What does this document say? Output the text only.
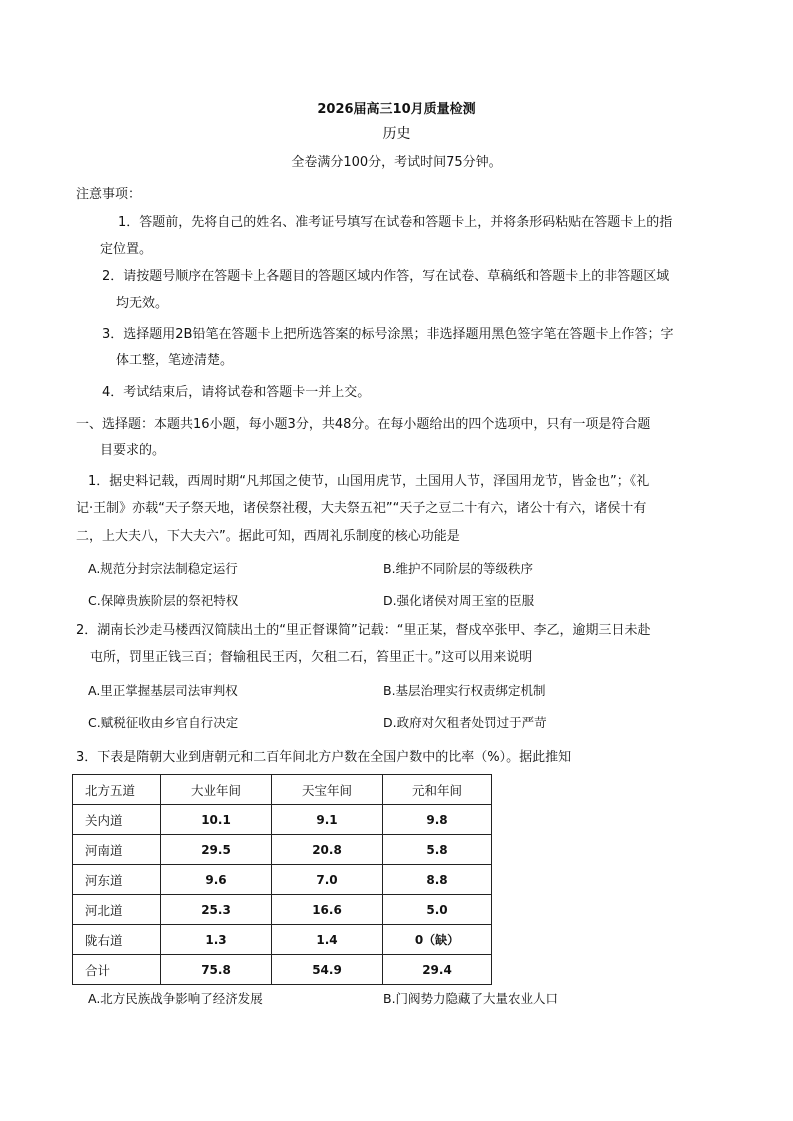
2026届高三10月质量检测
历史
全卷满分100分，考试时间75分钟。
注意事项：
1．答题前，先将自己的姓名、准考证号填写在试卷和答题卡上，并将条形码粘贴在答题卡上的指
定位置。
2．请按题号顺序在答题卡上各题目的答题区域内作答，写在试卷、草稿纸和答题卡上的非答题区域
均无效。
3．选择题用2B铅笔在答题卡上把所选答案的标号涂黑；非选择题用黑色签字笔在答题卡上作答；字
体工整，笔迹清楚。
4．考试结束后，请将试卷和答题卡一并上交。
一、选择题：本题共16小题，每小题3分，共48分。在每小题给出的四个选项中，只有一项是符合题
目要求的。
1．据史料记载，西周时期“凡邦国之使节，山国用虎节，土国用人节，泽国用龙节，皆金也”；《礼
记·王制》亦载“天子祭天地，诸侯祭社稷，大夫祭五祀”“天子之豆二十有六，诸公十有六，诸侯十有
二，上大夫八，下大夫六”。据此可知，西周礼乐制度的核心功能是
A.规范分封宗法制稳定运行	B.维护不同阶层的等级秩序
C.保障贵族阶层的祭祀特权	D.强化诸侯对周王室的臣服
2．湖南长沙走马楼西汉简牍出土的“里正督课简”记载：“里正某，督戍卒张甲、李乙，逾期三日未赴
屯所，罚里正钱三百；督输租民王丙，欠租二石，笞里正十。”这可以用来说明
A.里正掌握基层司法审判权	B.基层治理实行权责绑定机制
C.赋税征收由乡官自行决定	D.政府对欠租者处罚过于严苛
3．下表是隋朝大业到唐朝元和二百年间北方户数在全国户数中的比率（%）。据此推知
北方五道	大业年间	天宝年间	元和年间
关内道	10.1	9.1	9.8
河南道	29.5	20.8	5.8
河东道	9.6	7.0	8.8
河北道	25.3	16.6	5.0
陇右道	1.3	1.4	0（缺）
合计	75.8	54.9	29.4
A.北方民族战争影响了经济发展	B.门阀势力隐藏了大量农业人口
